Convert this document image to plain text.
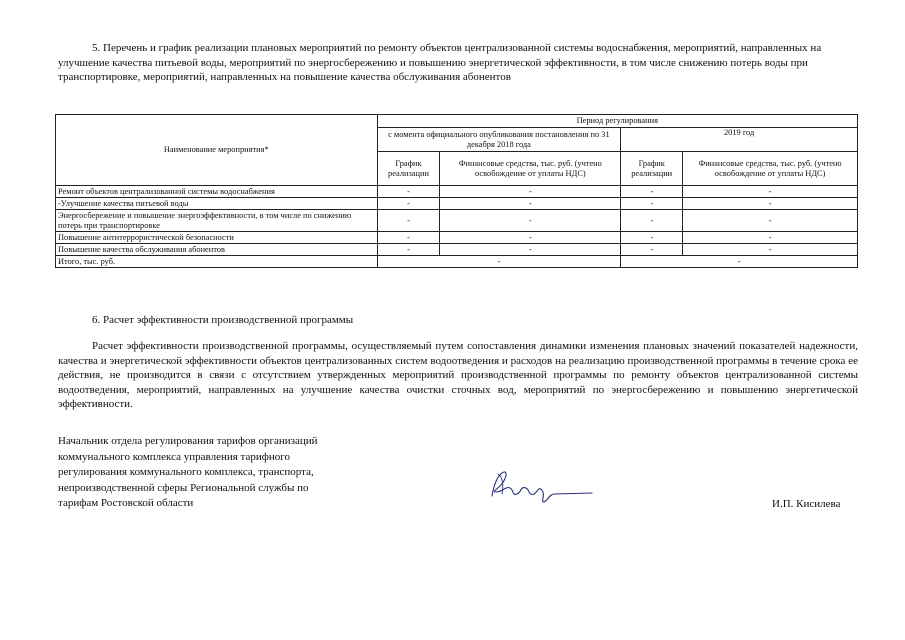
5. Перечень и график реализации плановых мероприятий по ремонту объектов централизованной системы водоснабжения, мероприятий, направленных на улучшение качества питьевой воды, мероприятий по энергосбережению и повышению энергетической эффективности, в том числе снижению потерь воды при транспортировке, мероприятий, направленных на повышение качества обслуживания абонентов

Наименование мероприятия*	Период регулирования			
	с момента официального опубликования постановления по 31 декабря 2018 года		2019 год	
	График реализации	Финансовые средства, тыс. руб. (учтено освобождение от уплаты НДС)	График реализации	Финансовые средства, тыс. руб. (учтено освобождение от уплаты НДС)
Ремонт объектов централизованной системы водоснабжения	-	-	-	-
-Улучшение качества питьевой воды	-	-	-	-
Энергосбережение и повышение энергоэффективности, в том числе по снижению потерь при транспортировке	-	-	-	-
Повышение антитеррористической безопасности	-	-	-	-
Повышение качества обслуживания абонентов	-	-	-	-
Итого, тыс. руб.	-		-	
6. Расчет эффективности производственной программы

Расчет эффективности производственной программы, осуществляемый путем сопоставления динамики изменения плановых значений показателей надежности, качества и энергетической эффективности объектов централизованных систем водоотведения и расходов на реализацию производственной программы в течение срока ее действия, не производится в связи с отсутствием утвержденных мероприятий производственной программы по ремонту объектов централизованной системы водоотведения, мероприятий, направленных на улучшение качества очистки сточных вод, мероприятий по энергосбережению и повышению энергетической эффективности.

Начальник отдела регулирования тарифов организаций
коммунального комплекса управления тарифного
регулирования коммунального комплекса, транспорта,
непроизводственной сферы Региональной службы по
тарифам Ростовской области	И.П. Кисилева
